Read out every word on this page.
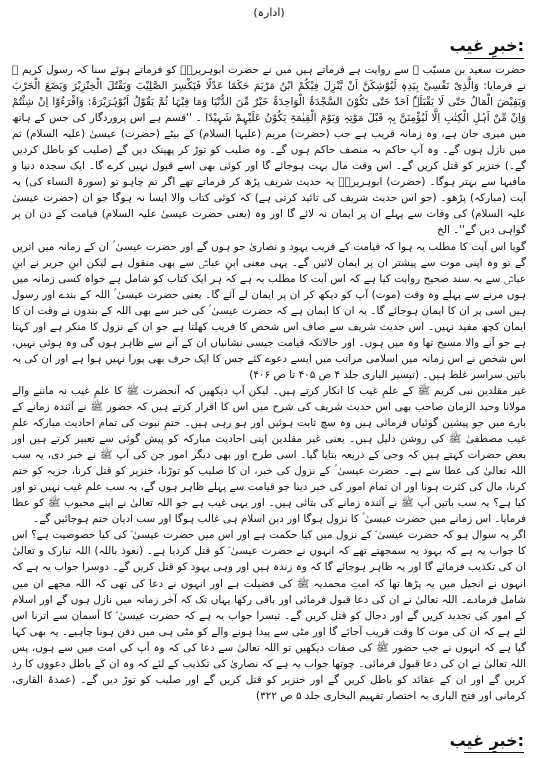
(ادارہ)
خبرِ غیب:

حضرت سعید بن مسیّب ؓ سے روایت ہے فرماتے ہیں میں نے حضرت ابوہریرہؓ کو فرماتے ہوئے سنا کہ رسول کریم ﷺ نے فرمایا: وَالَّذِیْ نَفْسِیْ بِیَدِہٖ لَیُوْشِکَنَّ اَنْ یَّنْزِلَ فِیْکُمْ ابْنُ مَرْیَمَ حَکَمًا عَدْلًا فَیَکْسِرَ الصَّلِیْبَ وَیَقْتُلَ الْخِنْزِیْرَ وَیَضَعَ الْحَرْبَ وَیَفِیْضَ الْمَالُ حَتّٰی لَا یَقْبَلَہٗ اَحَدٌ حَتّٰی تَکُوْنَ السَّجْدَۃُ الْوَاحِدَۃُ خَیْرٌ مِّنَ الدُّنْیَا وَمَا فِیْہَا ثُمَّ یَقُوْلُ اَبُوْہُرَیْرَۃَ: وَاقْرَءُوْا اِنْ شِئْتُمْ وَاِنْ مِّنْ اَہْلِ الْکِتٰبِ اِلَّا لَیُؤْمِنَنَّ بِہٖ قَبْلَ مَوْتِہٖ وَیَوْمَ الْقِیٰمَۃِ یَکُوْنُ عَلَیْہِمْ شَہِیْدًا ۔ ''قسم ہے اس پروردگار کی جس کے ہاتھ میں میری جان ہے، وہ زمانہ قریب ہے جب (حضرت) مریم (علیہا السلام) کے بیٹے (حضرت) عیسیٰ (علیہ السلام) تم میں نازل ہوں گے۔ وہ آپ حاکم بہ منصف حاکم ہوں گے۔ وہ صلیب کو توڑ کر پھینک دیں گے (صلیب کو باطل کردیں گے۔) خنزیر کو قتل کریں گے۔ اس وقت مال بہت ہوجائے گا اور کوئی بھی اسے قبول نہیں کرے گا۔ ایک سجدہ دنیا و مافیہا سے بہتر ہوگا۔ (حضرت) ابوہریرہؓ یہ حدیث شریف پڑھ کر فرماتے تھے اگر تم چاہو تو (سورۃ النساء کی) یہ آیت (مبارکہ) پڑھو۔ (جو اس حدیث شریف کی تائید کرتی ہے) کہ کوئی کتاب والا ایسا نہ ہوگا جو ان (حضرت عیسیٰ علیہ السلام) کی وفات سے پہلے ان پر ایمان نہ لائے گا اور وہ (یعنی حضرت عیسیٰ علیہ السلام) قیامت کے دن ان پر گواہی دیں گے''۔ الخ

گویا اس آیت کا مطلب یہ ہوا کہ قیامت کے قریب یہود و نصاریٰ جو ہوں گے اور حضرت عیسیٰ ؑ ان کے زمانہ میں اتریں گے تو وہ اپنی موت سے پیشتر ان پر ایمان لائیں گے۔ یہی معنی ابنِ عباسؓ سے بھی منقول ہے لیکن ابنِ جریر نے ابنِ عباسؓ سے بہ سند صحیح روایت کیا ہے کہ اس آیت کا مطلب یہ ہے کہ ہر ایک کتاب کو شامل ہے خواہ کسی زمانہ میں ہوں مرنے سے پہلے وہ وقت (موت) آپ کو دیکھ کر ان پر ایمان لے آئے گا۔ یعنی حضرت عیسیٰ ؑ اللہ کے بندے اور رسول ہیں اسی پر ان کا ایمان ہوجائے گا۔ یہ ان کا ایمان ہے کہ حضرت عیسیٰ ؑ کی خبر سے بھی اللہ کے بندوں نے وقت ان کا ایمان کچھ مفید نہیں۔ اس حدیث شریف سے صاف اس شخص کا فریب کھلتا ہے جو ان کے نزول کا منکر ہے اور کہتا ہے جو آنے والا مسیح تھا وہ میں ہوں۔ اور حالانکہ قیامت جیسی نشانیاں ان کے آنے سے ظاہر ہوں گی وہ ہوئی نہیں، اس شخص نے اس زمانہ میں اسلامی مراتب میں ایسے دعوے کئے جس کا ایک حرف بھی پورا نہیں ہوا ہے اور ان کی یہ باتیں سراسر غلط ہیں۔ (تیسیر الباری جلد ۴ ص ۴۰۵ تا ص ۴۰۶)

غیر مقلدین نبی کریم ﷺ کے علمِ غیب کا انکار کرتے ہیں۔ لیکن آپ دیکھیں کہ آنحضرت ﷺ کا علمِ غیب نہ ماننے والے مولانا وحید الزمان صاحب بھی اس حدیث شریف کی شرح میں اس کا اقرار کرتے ہیں کہ حضور ﷺ نے آئندہ زمانے کے بارے میں جو پیشین گوئیاں فرمائی ہیں وہ سچ ثابت ہوئیں اور ہو رہی ہیں۔ ختمِ نبوت کی تمام احادیث مبارکہ علمِ غیب مصطفیٰ ﷺ کی روشن دلیل ہیں۔ یعنی غیر مقلدین اپنی احادیث مبارکہ کو پیش گوئی سے تعبیر کرتے ہیں اور بعض حضرات کہتے ہیں کہ وحی کے ذریعہ بتایا گیا۔ اسی طرح اور بھی دیگر امور جن کی آپ ﷺ نے خبر دی، یہ سب اللہ تعالیٰ کی عطا سے ہے۔ حضرت عیسیٰ ؑ کے نزول کی خبر، ان کا صلیب کو توڑنا، خنزیر کو قتل کرنا، جزیہ کو ختم کرنا، مال کی کثرت ہونا اور ان تمام امور کی خبر دینا جو قیامت سے پہلے ظاہر ہوں گے، یہ سب علمِ غیب نہیں تو اور کیا ہے؟ یہ سب باتیں آپ ﷺ نے آئندہ زمانے کی بتائی ہیں۔ اور یہی غیب ہے جو اللہ تعالیٰ نے اپنے محبوب ﷺ کو عطا فرمایا۔ اس زمانے میں حضرت عیسیٰ ؑ کا نزول ہوگا اور دین اسلام ہی غالب ہوگا اور سب ادیان ختم ہوجائیں گے۔

اگر یہ سوال ہو کہ حضرت عیسیٰ ؑ کے نزول میں کیا حکمت ہے اور اس میں حضرت عیسیٰ ؑ کی کیا خصوصیت ہے؟ اس کا جواب یہ ہے کہ یہود یہ سمجھتے تھے کہ انہوں نے حضرت عیسیٰ ؑ کو قتل کردیا ہے۔ (نعوذ باللہ) اللہ تبارک و تعالیٰ ان کی تکذیب فرمائے گا اور یہ ظاہر ہوجائے گا کہ وہ زندہ ہیں اور وہی یہود کو قتل کریں گے۔ دوسرا جواب یہ ہے کہ انہوں نے انجیل میں یہ پڑھا تھا کہ امتِ محمدیہ ﷺ کی فضیلت ہے اور انہوں نے دعا کی تھی کہ اللہ مجھے ان میں شامل فرمادے۔ اللہ تعالیٰ نے ان کی دعا قبول فرمائی اور باقی رکھا یہاں تک کہ آخر زمانہ میں نازل ہوں گے اور اسلام کے امور کی تجدید کریں گے اور دجال کو قتل کریں گے۔ تیسرا جواب یہ ہے کہ حضرت عیسیٰ ؑ کا آسمان سے اترنا اس لئے ہے کہ ان کی موت کا وقت قریب آجائے گا اور مٹی سے پیدا ہونے والے کو مٹی ہی میں دفن ہونا چاہیے۔ یہ بھی کہا گیا ہے کہ انہوں نے جب حضور ﷺ کی صفات دیکھیں تو اللہ تعالیٰ سے دعا کی کہ وہ آپ کی امت میں سے ہوں، پس اللہ تعالیٰ نے ان کی دعا قبول فرمائی۔ چوتھا جواب یہ ہے کہ نصاریٰ کی تکذیب کے لئے کہ وہ ان کے باطل دعووں کا رد کریں گے اور ان کے عقائد کو باطل کریں گے اور خنزیر کو قتل کریں گے اور صلیب کو توڑ دیں گے۔ (عمدۃ القاری، کرمانی اور فتح الباری بہ اختصار تفہیم البخاری جلد ۵ ص ۳۲۲)

خبرِ غیب:
